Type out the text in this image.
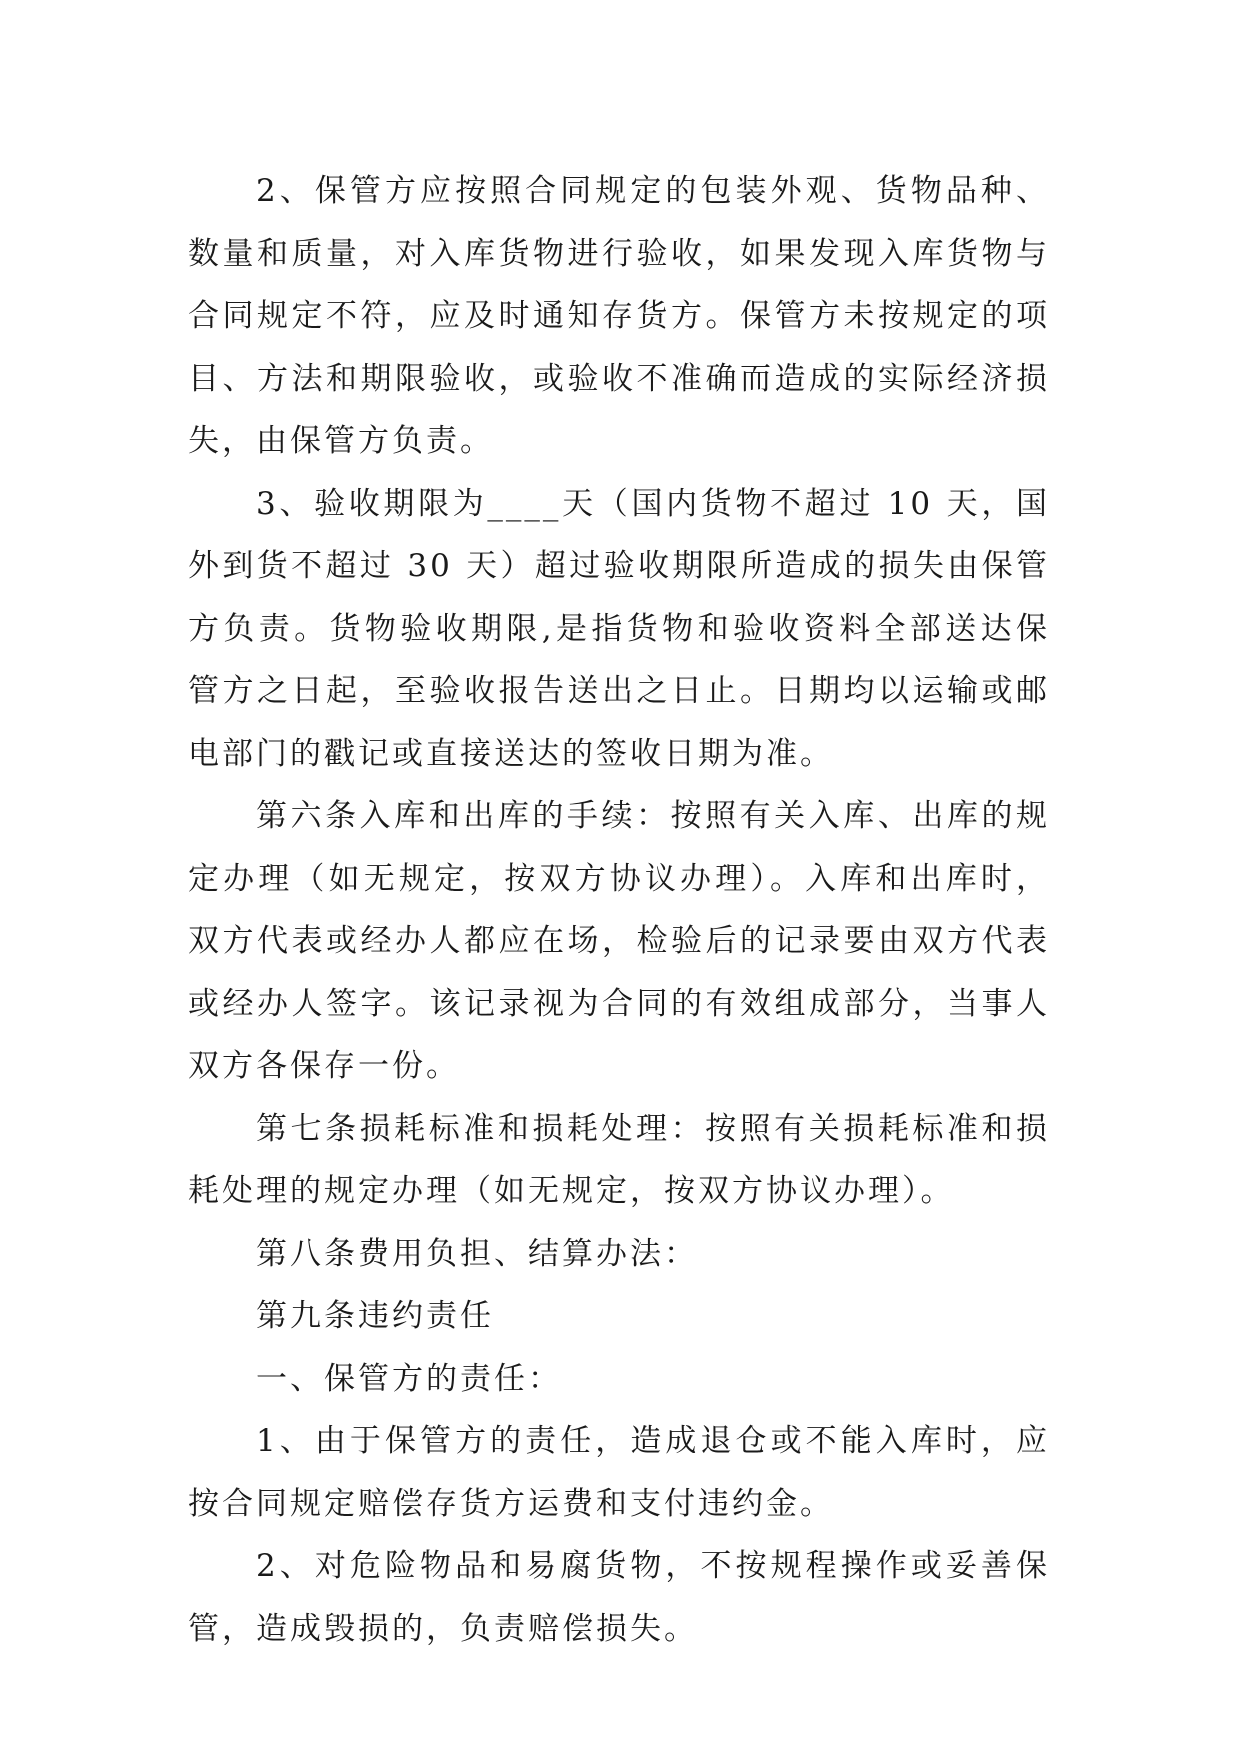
2、保管方应按照合同规定的包装外观、货物品种、数量和质量，对入库货物进行验收，如果发现入库货物与合同规定不符，应及时通知存货方。保管方未按规定的项目、方法和期限验收，或验收不准确而造成的实际经济损失，由保管方负责。

3、验收期限为____天（国内货物不超过 10 天，国外到货不超过 30 天）超过验收期限所造成的损失由保管方负责。货物验收期限,是指货物和验收资料全部送达保管方之日起，至验收报告送出之日止。日期均以运输或邮电部门的戳记或直接送达的签收日期为准。

第六条入库和出库的手续：按照有关入库、出库的规定办理（如无规定，按双方协议办理）。入库和出库时，双方代表或经办人都应在场，检验后的记录要由双方代表或经办人签字。该记录视为合同的有效组成部分，当事人双方各保存一份。

第七条损耗标准和损耗处理：按照有关损耗标准和损耗处理的规定办理（如无规定，按双方协议办理）。

第八条费用负担、结算办法：

第九条违约责任

一、保管方的责任：

1、由于保管方的责任，造成退仓或不能入库时，应按合同规定赔偿存货方运费和支付违约金。

2、对危险物品和易腐货物，不按规程操作或妥善保管，造成毁损的，负责赔偿损失。
